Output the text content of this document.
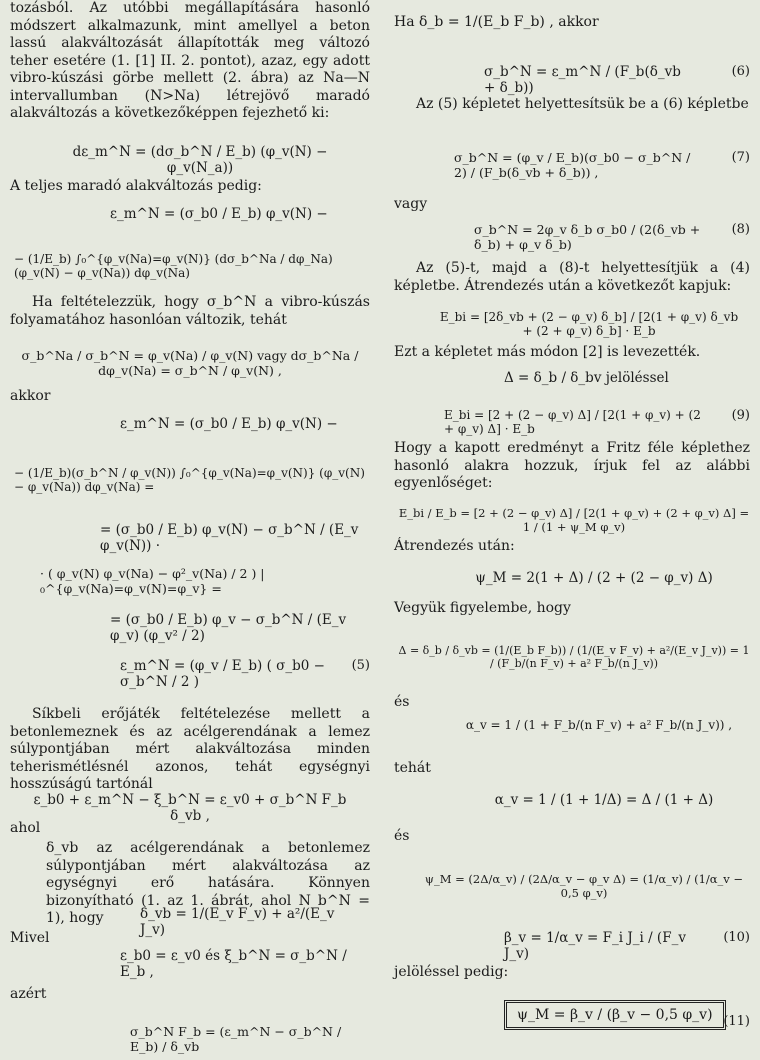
tozásból. Az utóbbi megállapítására hasonló módszert alkalmazunk, mint amellyel a beton lassú alakváltozását állapították meg változó teher esetére (1. [1] II. 2. pontot), azaz, egy adott vibro-kúszási görbe mellett (2. ábra) az Na—N intervallumban (N>Na) létrejövő maradó alakváltozás a következőképpen fejezhető ki:
dε_m^N = (dσ_b^N / E_b) (φ_v(N) − φ_v(N_a))
A teljes maradó alakváltozás pedig:
ε_m^N = (σ_b0 / E_b) φ_v(N) −
− (1/E_b) ∫₀^{φ_v(Na)=φ_v(N)} (dσ_b^Na / dφ_Na) (φ_v(N) − φ_v(Na)) dφ_v(Na)
Ha feltételezzük, hogy σ_b^N a vibro-kúszás folyamatához hasonlóan változik, tehát
σ_b^Na / σ_b^N = φ_v(Na) / φ_v(N) vagy dσ_b^Na / dφ_v(Na) = σ_b^N / φ_v(N) ,
akkor
ε_m^N = (σ_b0 / E_b) φ_v(N) −
− (1/E_b)(σ_b^N / φ_v(N)) ∫₀^{φ_v(Na)=φ_v(N)} (φ_v(N) − φ_v(Na)) dφ_v(Na) =
= (σ_b0 / E_b) φ_v(N) − σ_b^N / (E_v φ_v(N)) ·
· ( φ_v(N) φ_v(Na) − φ²_v(Na) / 2 ) |₀^{φ_v(Na)=φ_v(N)=φ_v} =
= (σ_b0 / E_b) φ_v − σ_b^N / (E_v φ_v) (φ_v² / 2)
ε_m^N = (φ_v / E_b) ( σ_b0 − σ_b^N / 2 )
(5)
Síkbeli erőjáték feltételezése mellett a betonlemeznek és az acélgerendának a lemez súlypontjában mért alakváltozása minden teherismétlésnél azonos, tehát egységnyi hosszúságú tartónál
ε_b0 + ε_m^N − ξ_b^N = ε_v0 + σ_b^N F_b δ_vb ,
ahol
δ_vb az acélgerendának a betonlemez súlypontjában mért alakváltozása az egységnyi erő hatására. Könnyen bizonyítható (1. az 1. ábrát, ahol N_b^N = 1), hogy	δ_vb = 1/(E_v F_v) + a²/(E_v J_v)
Mivel
ε_b0 = ε_v0 és ξ_b^N = σ_b^N / E_b ,
azért
σ_b^N F_b = (ε_m^N − σ_b^N / E_b) / δ_vb
Ha δ_b = 1/(E_b F_b) , akkor
σ_b^N = ε_m^N / (F_b(δ_vb + δ_b))
(6)
Az (5) képletet helyettesítsük be a (6) képletbe
σ_b^N = (φ_v / E_b)(σ_b0 − σ_b^N / 2) / (F_b(δ_vb + δ_b)) ,
(7)
vagy
σ_b^N = 2φ_v δ_b σ_b0 / (2(δ_vb + δ_b) + φ_v δ_b)
(8)
Az (5)-t, majd a (8)-t helyettesítjük a (4) képletbe. Átrendezés után a következőt kapjuk:
E_bi = [2δ_vb + (2 − φ_v) δ_b] / [2(1 + φ_v) δ_vb + (2 + φ_v) δ_b] · E_b
Ezt a képletet más módon [2] is levezették.
Δ = δ_b / δ_bv jelöléssel
E_bi = [2 + (2 − φ_v) Δ] / [2(1 + φ_v) + (2 + φ_v) Δ] · E_b
(9)
Hogy a kapott eredményt a Fritz féle képlethez hasonló alakra hozzuk, írjuk fel az alábbi egyenlőséget:
E_bi / E_b = [2 + (2 − φ_v) Δ] / [2(1 + φ_v) + (2 + φ_v) Δ] = 1 / (1 + ψ_M φ_v)
Átrendezés után:
ψ_M = 2(1 + Δ) / (2 + (2 − φ_v) Δ)
Vegyük figyelembe, hogy
Δ = δ_b / δ_vb = (1/(E_b F_b)) / (1/(E_v F_v) + a²/(E_v J_v)) = 1 / (F_b/(n F_v) + a² F_b/(n J_v))
és
α_v = 1 / (1 + F_b/(n F_v) + a² F_b/(n J_v)) ,
tehát
α_v = 1 / (1 + 1/Δ) = Δ / (1 + Δ)
és
ψ_M = (2Δ/α_v) / (2Δ/α_v − φ_v Δ) = (1/α_v) / (1/α_v − 0,5 φ_v)
β_v = 1/α_v = F_i J_i / (F_v J_v)
(10)
jelöléssel pedig:
ψ_M = β_v / (β_v − 0,5 φ_v) (11)
